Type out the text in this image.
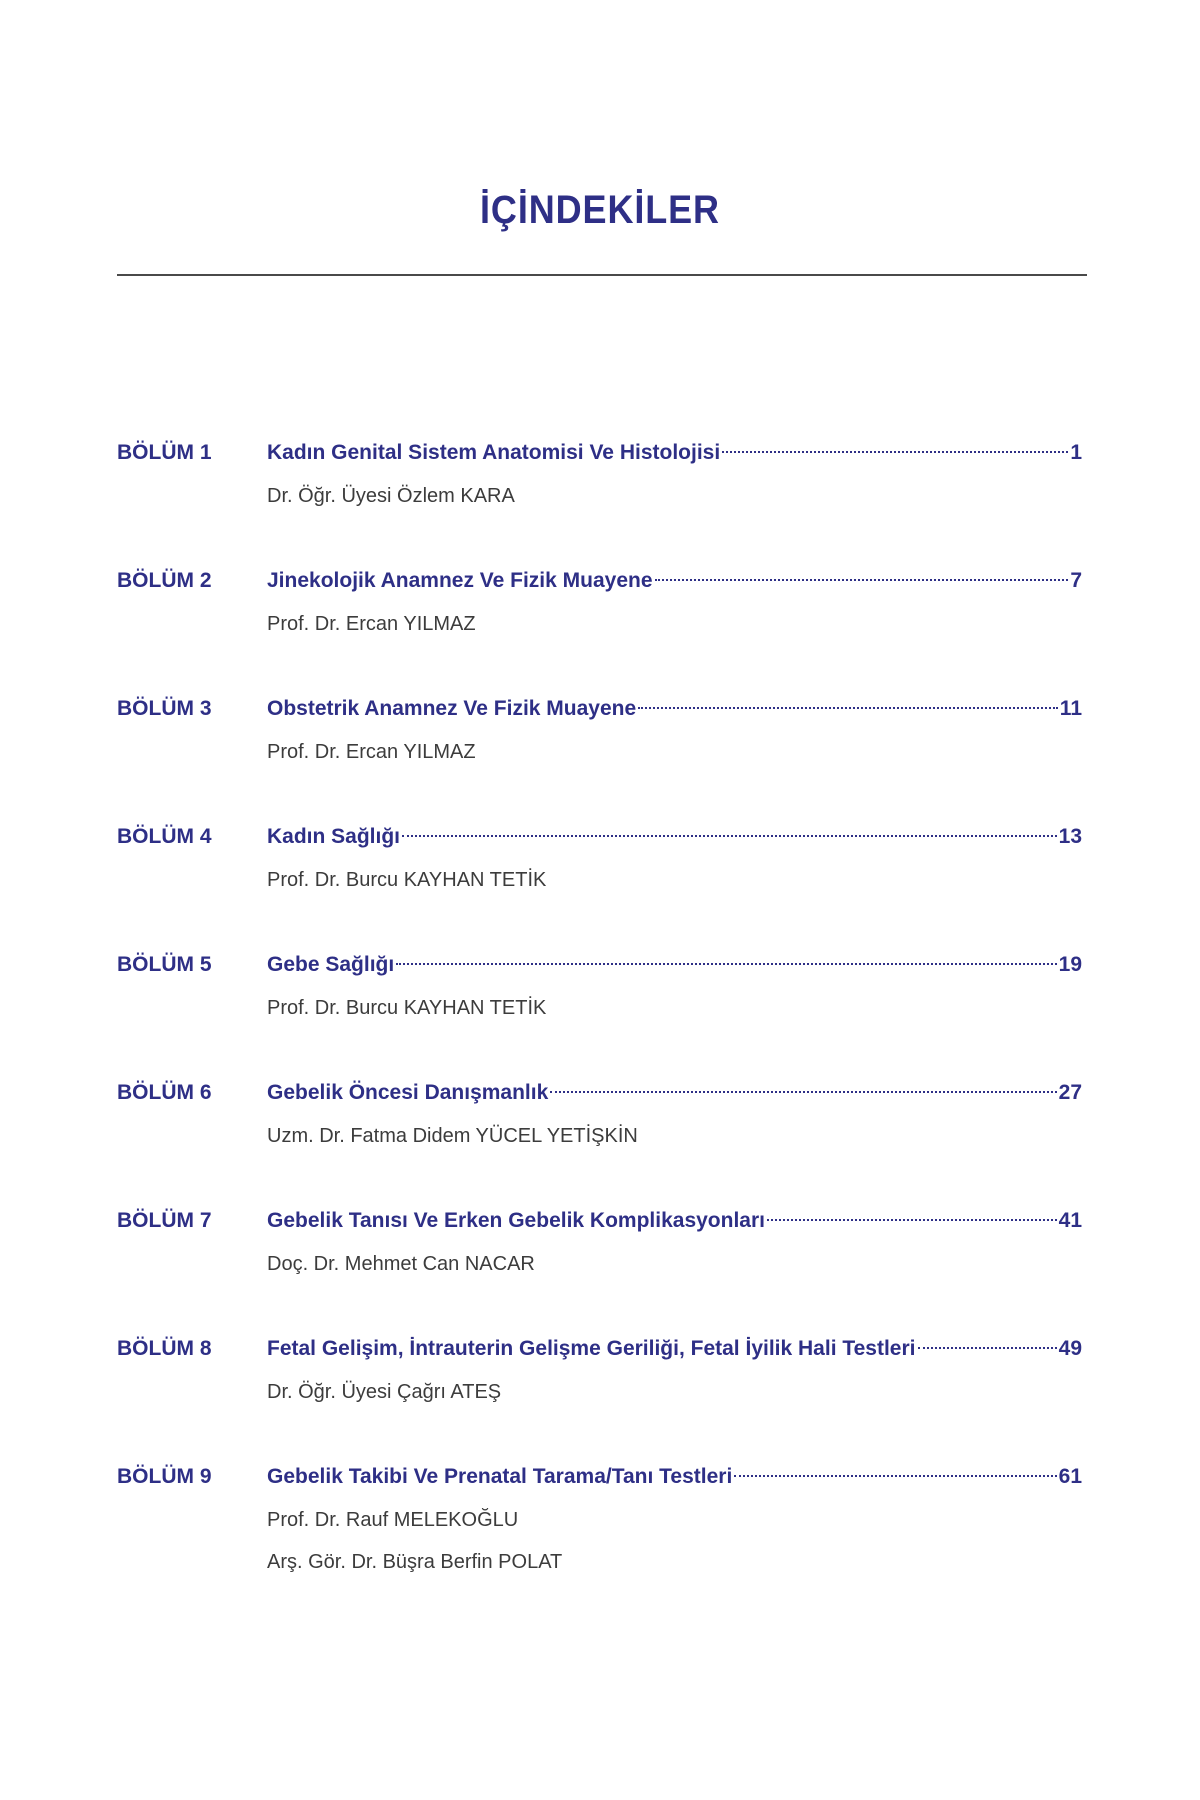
İÇİNDEKİLER
BÖLÜM 1	Kadın Genital Sistem Anatomisi Ve Histolojisi	1
Dr. Öğr. Üyesi Özlem KARA
BÖLÜM 2	Jinekolojik Anamnez Ve Fizik Muayene	7
Prof. Dr. Ercan YILMAZ
BÖLÜM 3	Obstetrik Anamnez Ve Fizik Muayene	11
Prof. Dr. Ercan YILMAZ
BÖLÜM 4	Kadın Sağlığı	13
Prof. Dr. Burcu KAYHAN TETİK
BÖLÜM 5	Gebe Sağlığı	19
Prof. Dr. Burcu KAYHAN TETİK
BÖLÜM 6	Gebelik Öncesi Danışmanlık	27
Uzm. Dr. Fatma Didem YÜCEL YETİŞKİN
BÖLÜM 7	Gebelik Tanısı Ve Erken Gebelik Komplikasyonları	41
Doç. Dr. Mehmet Can NACAR
BÖLÜM 8	Fetal Gelişim, İntrauterin Gelişme Geriliği, Fetal İyilik Hali Testleri	49
Dr. Öğr. Üyesi Çağrı ATEŞ
BÖLÜM 9	Gebelik Takibi Ve Prenatal Tarama/Tanı Testleri	61
Prof. Dr. Rauf MELEKOĞLU
Arş. Gör. Dr. Büşra Berfin POLAT
